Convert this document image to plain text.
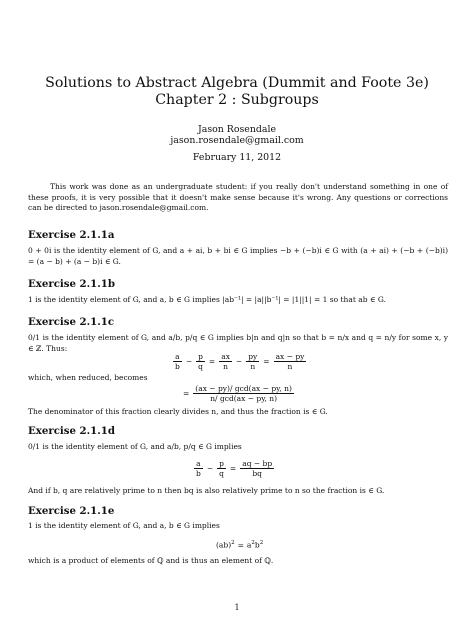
Solutions to Abstract Algebra (Dummit and Foote 3e)
Chapter 2 : Subgroups
Jason Rosendale
jason.rosendale@gmail.com
February 11, 2012
This work was done as an undergraduate student: if you really don't understand something in one of these proofs, it is very possible that it doesn't make sense because it's wrong. Any questions or corrections can be directed to jason.rosendale@gmail.com.
Exercise 2.1.1a
0 + 0i is the identity element of G, and a + ai, b + bi ∈ G implies −b + (−b)i ∈ G with (a + ai) + (−b + (−b)i) = (a − b) + (a − b)i ∈ G.
Exercise 2.1.1b
1 is the identity element of G, and a, b ∈ G implies |ab⁻¹| = |a||b⁻¹| = |1||1| = 1 so that ab ∈ G.
Exercise 2.1.1c
0/1 is the identity element of G, and a/b, p/q ∈ G implies b|n and q|n so that b = n/x and q = n/y for some x, y ∈ ℤ. Thus:
$\frac{a}{b} - \frac{p}{q} = \frac{ax}{n} - \frac{py}{n} = \frac{ax - py}{n}$
which, when reduced, becomes
= $\frac{(ax - py)/ \gcd(ax - py, n)}{n/ \gcd(ax - py, n)}$
The denominator of this fraction clearly divides n, and thus the fraction is ∈ G.
Exercise 2.1.1d
0/1 is the identity element of G, and a/b, p/q ∈ G implies
$\frac{a}{b} - \frac{p}{q} = \frac{aq - bp}{bq}$
And if b, q are relatively prime to n then bq is also relatively prime to n so the fraction is ∈ G.
Exercise 2.1.1e
1 is the identity element of G, and a, b ∈ G implies
$(ab)^2 = a^2b^2$
which is a product of elements of ℚ and is thus an element of ℚ.
1
